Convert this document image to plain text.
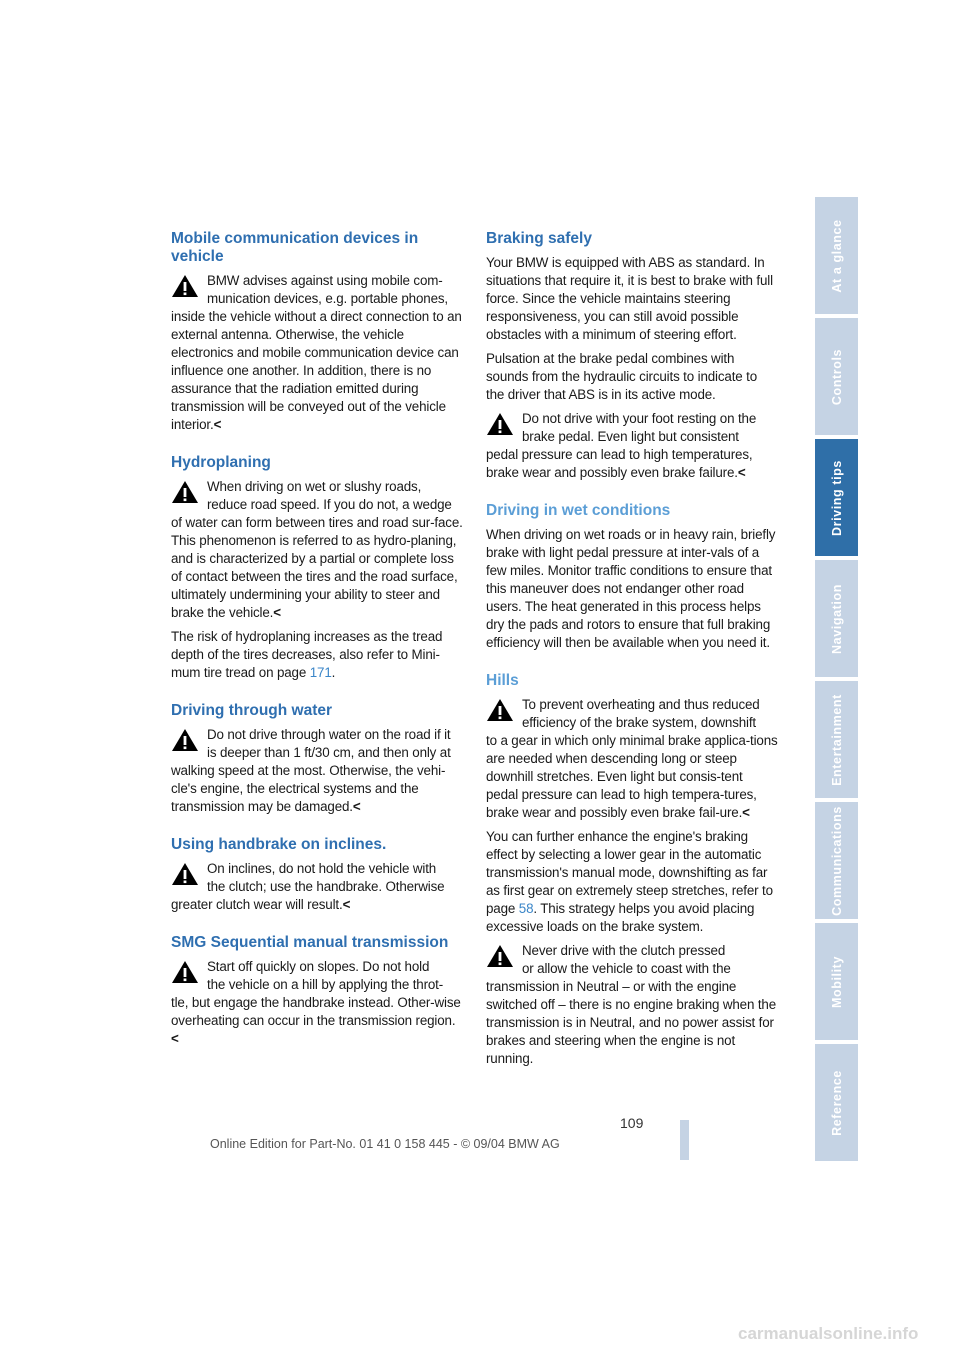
Mobile communication devices in vehicle

BMW advises against using mobile com-
munication devices, e.g. portable phones,
inside the vehicle without a direct connection to an external antenna. Otherwise, the vehicle electronics and mobile communication device can influence one another. In addition, there is no assurance that the radiation emitted during transmission will be conveyed out of the vehicle interior.<

Hydroplaning

When driving on wet or slushy roads,
reduce road speed. If you do not, a wedge
of water can form between tires and road sur-face. This phenomenon is referred to as hydro-planing, and is characterized by a partial or complete loss of contact between the tires and the road surface, ultimately undermining your ability to steer and brake the vehicle.<

The risk of hydroplaning increases as the tread depth of the tires decreases, also refer to Mini-mum tire tread on page 171.

Driving through water

Do not drive through water on the road if it
is deeper than 1 ft/30 cm, and then only at
walking speed at the most. Otherwise, the vehi-cle's engine, the electrical systems and the transmission may be damaged.<

Using handbrake on inclines.

On inclines, do not hold the vehicle with
the clutch; use the handbrake. Otherwise
greater clutch wear will result.<

SMG Sequential manual transmission

Start off quickly on slopes. Do not hold
the vehicle on a hill by applying the throt-
tle, but engage the handbrake instead. Other-wise overheating can occur in the transmission region.<

Braking safely

Your BMW is equipped with ABS as standard. In situations that require it, it is best to brake with full force. Since the vehicle maintains steering responsiveness, you can still avoid possible obstacles with a minimum of steering effort.

Pulsation at the brake pedal combines with sounds from the hydraulic circuits to indicate to the driver that ABS is in its active mode.

Do not drive with your foot resting on the
brake pedal. Even light but consistent
pedal pressure can lead to high temperatures, brake wear and possibly even brake failure.<

Driving in wet conditions

When driving on wet roads or in heavy rain, briefly brake with light pedal pressure at inter-vals of a few miles. Monitor traffic conditions to ensure that this maneuver does not endanger other road users. The heat generated in this process helps dry the pads and rotors to ensure that full braking efficiency will then be available when you need it.

Hills

To prevent overheating and thus reduced
efficiency of the brake system, downshift
to a gear in which only minimal brake applica-tions are needed when descending long or steep downhill stretches. Even light but consis-tent pedal pressure can lead to high tempera-tures, brake wear and possibly even brake fail-ure.<

You can further enhance the engine's braking effect by selecting a lower gear in the automatic transmission's manual mode, downshifting as far as first gear on extremely steep stretches, refer to page 58. This strategy helps you avoid placing excessive loads on the brake system.

Never drive with the clutch pressed
or allow the vehicle to coast with the
transmission in Neutral – or with the engine switched off – there is no engine braking when the transmission is in Neutral, and no power assist for brakes and steering when the engine is not running.

At a glance
Controls
Driving tips
Navigation
Entertainment
Communications
Mobility
Reference
109
Online Edition for Part-No. 01 41 0 158 445 - © 09/04 BMW AG
carmanualsonline.info
